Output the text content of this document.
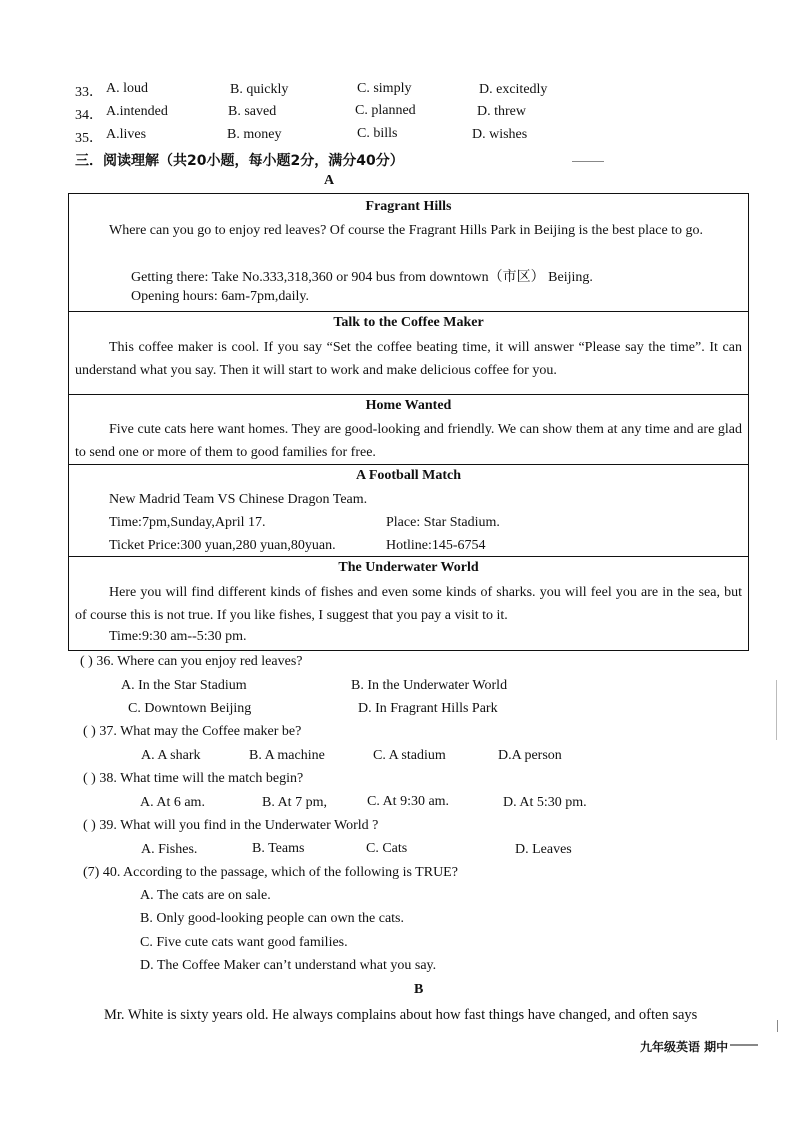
33． A. loud	B. quickly	C. simply	D. excitedly
34． A.intended	B. saved	C. planned	D. threw
35． A.lives	B. money	C. bills	D. wishes
三．阅读理解（共20小题，每小题2分，满分40分）
A
Fragrant Hills
Where can you go to enjoy red leaves? Of course the Fragrant Hills Park in Beijing is the best place to go.
Getting there: Take No.333,318,360 or 904 bus from downtown（市区） Beijing.
Opening hours: 6am-7pm,daily.
Talk to the Coffee Maker
This coffee maker is cool. If you say “Set the coffee beating time, it will answer “Please say the time”. It can understand what you say. Then it will start to work and make delicious coffee for you.
Home Wanted
Five cute cats here want homes. They are good-looking and friendly. We can show them at any time and are glad to send one or more of them to good families for free.
A Football Match
New Madrid Team VS Chinese Dragon Team.
Time:7pm,Sunday,April 17.	Place: Star Stadium.
Ticket Price:300 yuan,280 yuan,80yuan.	Hotline:145-6754
The Underwater World
Here you will find different kinds of fishes and even some kinds of sharks. you will feel you are in the sea, but of course this is not true. If you like fishes, I suggest that you pay a visit to it.
Time:9:30 am--5:30 pm.
( ) 36. Where can you enjoy red leaves?
A. In the Star Stadium	B. In the Underwater World
C. Downtown Beijing	D. In Fragrant Hills Park
( ) 37. What may the Coffee maker be?
A. A shark	B. A machine	C. A stadium	D.A person
( ) 38. What time will the match begin?
A. At 6 am.	B. At 7 pm,	C. At 9:30 am.	D. At 5:30 pm.
( ) 39. What will you find in the Underwater World ?
A. Fishes.	B. Teams	C. Cats	D. Leaves
(7) 40. According to the passage, which of the following is TRUE?
A. The cats are on sale.
B. Only good-looking people can own the cats.
C. Five cute cats want good families.
D. The Coffee Maker can’t understand what you say.
B
Mr. White is sixty years old. He always complains about how fast things have changed, and often says
九年级英语 期中
